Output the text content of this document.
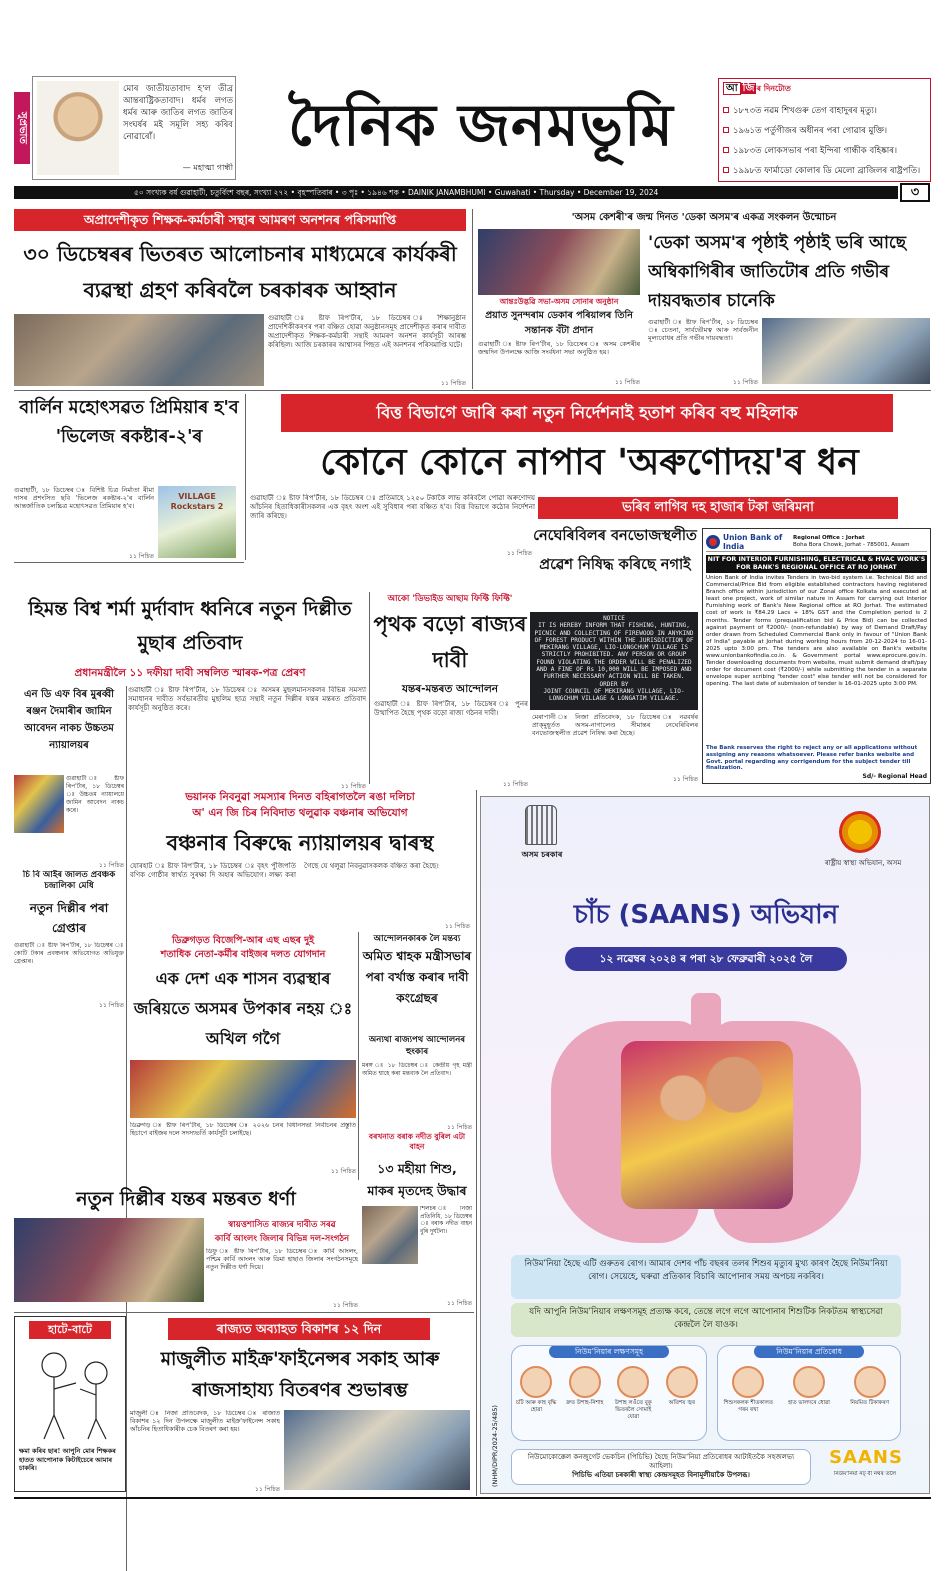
সুপ্ৰভাত
মোৰ জাতীয়তাবাদ হ'ল তীব্ৰ আন্তৰাষ্ট্ৰিকতাবাদ। ধৰ্মৰ লগত ধৰ্মৰ আৰু জাতিৰ লগত জাতিৰ সংঘৰ্ষৰ মই সমূলি সহ্য কৰিব নোৱাৰোঁ।
— মহাত্মা গান্ধী
দৈনিক জনমভূমি
আ জি ৰ দিনটোত
১৮৭৩ত নৱম শিখগুৰু তেগ বাহাদুৰৰ মৃত্যু।
১৯৬১ত পৰ্তুগীজৰ অধীনৰ পৰা গোৱাৰ মুক্তি।
১৯৮৩ত লোকসভাৰ পৰা ইন্দিৰা গান্ধীক বহিষ্কাৰ।
১৯৯৮ত ফাৰ্মাডো কোলাৰ ডি মেলো ব্ৰাজিলৰ ৰাষ্ট্ৰপতি।
৫০ সংখ্যক বৰ্ষ গুৱাহাটী, চতুৰ্বিংশ বছৰ, সংখ্যা ২৭২ • বৃহস্পতিবাৰ • ৩ পৃঃ • ১৯৪৬ শক • DAINIK JANAMBHUMI • Guwahati • Thursday • December 19, 2024	৩
অপ্ৰাদেশীকৃত শিক্ষক-কৰ্মচাৰী সন্থাৰ আমৰণ অনশনৰ পৰিসমাপ্তি
৩০ ডিচেম্বৰৰ ভিতৰত আলোচনাৰ মাধ্যমেৰে কাৰ্যকৰী ব্যৱস্থা গ্ৰহণ কৰিবলৈ চৰকাৰক আহ্বান
গুৱাহাটী ঃ ষ্টাফ ৰিপ'ৰ্টাৰ, ১৮ ডিচেম্বৰ ঃ শিক্ষানুষ্ঠান প্ৰাদেশিকীকৰণৰ পৰা বঞ্চিত হোৱা অনুষ্ঠানসমূহ প্ৰাদেশীকৃত কৰাৰ দাবীত অপ্ৰাদেশীকৃত শিক্ষক-কৰ্মচাৰী সন্থাই আমৰণ অনশন কাৰ্যসূচী আৰম্ভ কৰিছিল। আজি চৰকাৰৰ আশ্বাসৰ পিছত এই অনশনৰ পৰিসমাপ্তি ঘটে।
১১ পিচিত
'অসম কেশৰী'ৰ জন্ম দিনত 'ডেকা অসম'ৰ একত্ৰ সংকলন উন্মোচন
আন্তঃউদ্ভৱি সভা-অসম সোনাৰ অনুষ্ঠান
প্ৰয়াত সুনন্দৰাম ডেকাৰ পৰিয়ালৰ তিনি সন্তানক বঁটা প্ৰদান
গুৱাহাটী ঃ ষ্টাফ ৰিপ'ৰ্টাৰ, ১৮ ডিচেম্বৰ ঃ অসম কেশৰীৰ জন্মদিন উপলক্ষে আজি সংৰ্বধনা সভা অনুষ্ঠিত হয়।
১১ পিচিত
'ডেকা অসম'ৰ পৃষ্ঠাই পৃষ্ঠাই ভৰি আছে অম্বিকাগিৰীৰ জাতিটোৰ প্ৰতি গভীৰ দায়বদ্ধতাৰ চানেকি
গুৱাহাটী ঃ ষ্টাফ ৰিপ'ৰ্টাৰ, ১৮ ডিচেম্বৰ ঃ চেতনা, সাৰ্বভৌমত্ব আৰু সাৰ্বজনীন মূল্যবোধৰ প্ৰতি গভীৰ দায়বদ্ধতা।
১১ পিচিত
বাৰ্লিন মহোৎসৱত প্ৰিমিয়াৰ হ'ব 'ভিলেজ ৰকষ্টাৰ-২'ৰ
গুৱাহাটী, ১৮ ডিচেম্বৰ ঃ বিশিষ্ট চিত্ৰ নিৰ্মাতা ৰীমা দাসৰ প্ৰশংসিত ছবি 'ভিলেজ ৰকষ্টাৰ-২'ৰ বাৰ্লিন আন্তৰ্জাতিক চলচ্চিত্ৰ মহোৎসৱত প্ৰিমিয়াৰ হ'ব।
১১ পিচিত
VILLAGE Rockstars 2
বিত্ত বিভাগে জাৰি কৰা নতুন নিৰ্দেশনাই হতাশ কৰিব বহু মহিলাক
কোনে কোনে নাপাব 'অৰুণোদয়'ৰ ধন
গুৱাহাটী ঃ ষ্টাফ ৰিপ'ৰ্টাৰ, ১৮ ডিচেম্বৰ ঃ প্ৰতিমাহে ১২৫০ টকাকৈ লাভ কৰিবলৈ পোৱা অৰুণোদয় আঁচনিৰ হিতাধিকাৰীসকলৰ এক বৃহৎ অংশ এই সুবিধাৰ পৰা বঞ্চিত হ'ব। বিত্ত বিভাগে কঠোৰ নিৰ্দেশনা জাৰি কৰিছে।
১১ পিচিত
ভৰিব লাগিব দহ হাজাৰ টকা জৰিমনা
নেঘেৰিবিলৰ বনভোজস্থলীত প্ৰৱেশ নিষিদ্ধ কৰিছে নগাই
NOTICE
IT IS HEREBY INFORM THAT FISHING, HUNTING, PICNIC AND COLLECTING OF FIREWOOD IN ANYKIND OF FOREST PRODUCT WITHIN THE JURISDICTION OF MEKIRANG VILLAGE, LIO-LONGCHUM VILLAGE IS STRICTLY PROHIBITED. ANY PERSON OR GROUP FOUND VIOLATING THE ORDER WILL BE PENALIZED AND A FINE OF Rs 10,000 WILL BE IMPOSED AND FURTHER NECESSARY ACTION WILL BE TAKEN.
ORDER BY
JOINT COUNCIL OF MEKIRANG VILLAGE, LIO-LONGCHUM VILLAGE & LONGATIM VILLAGE.
মেৰাপানী ঃ নিজা প্ৰতিবেদক, ১৮ ডিচেম্বৰ ঃ নৱবৰ্ষৰ প্ৰাক্‌মুহূৰ্তত অসম-নাগালেণ্ড সীমান্তৰ নেঘেৰিবিলৰ বনভোজস্থলীত প্ৰৱেশ নিষিদ্ধ কৰা হৈছে।
১১ পিচিত
Union Bank of India
Regional Office : Jorhat
Boha Bora Chowk, Jorhat - 785001, Assam
NIT FOR INTERIOR FURNISHING, ELECTRICAL & HVAC WORK'S FOR BANK'S REGIONAL OFFICE AT RO JORHAT
Union Bank of India invites Tenders in two-bid system i.e. Technical Bid and Commercial/Price Bid from eligible established contractors having registered Branch office within jurisdiction of our Zonal office Kolkata and executed at least one project, work of similar nature in Assam for carrying out Interior Furnishing work of Bank's New Regional office at RO Jorhat. The estimated cost of work is ₹84.29 Lacs + 18% GST and the Completion period is 2 months. Tender forms (prequalification bid & Price Bid) can be collected against payment of ₹2000/- (non-refundable) by way of Demand Draft/Pay order drawn from Scheduled Commercial Bank only in favour of "Union Bank of India" payable at Jorhat during working hours from 20-12-2024 to 16-01-2025 upto 3:00 pm. The tenders are also available on Bank's website www.unionbankofindia.co.in. & Government portal www.eprocure.gov.in. Tender downloading documents from website, must submit demand draft/pay order for document cost (₹2000/-) while submitting the tender in a separate envelope super scribing "tender cost" else tender will not be considered for opening. The last date of submission of tender is 16-01-2025 upto 3:00 PM.
The Bank reserves the right to reject any or all applications without assigning any reasons whatsoever. Please refer banks website and Govt. portal regarding any corrigendum for the subject tender till finalization.
Sd/- Regional Head
হিমন্ত বিশ্ব শৰ্মা মুৰ্দাবাদ ধ্বনিৰে নতুন দিল্লীত মুছাৰ প্ৰতিবাদ
প্ৰধানমন্ত্ৰীলৈ ১১ দফীয়া দাবী সম্বলিত স্মাৰক-পত্ৰ প্ৰেৰণ
গুৱাহাটী ঃ ষ্টাফ ৰিপ'ৰ্টাৰ, ১৮ ডিচেম্বৰ ঃ অসমৰ মুছলমানসকলৰ বিভিন্ন সমস্যা সমাধানৰ দাবীত সৰ্বভাৰতীয় মুছলিম ছাত্ৰ সন্থাই নতুন দিল্লীৰ যন্তৰ মন্তৰত প্ৰতিবাদ কাৰ্যসূচী অনুষ্ঠিত কৰে।
১১ পিচিত
আকো 'ডিভাইড আছাম ফিফ্টি ফিফ্টি'
পৃথক বড়ো ৰাজ্যৰ দাবী
যন্তৰ-মন্তৰত আন্দোলন
গুৱাহাটী ঃ ষ্টাফ ৰিপ'ৰ্টাৰ, ১৮ ডিচেম্বৰ ঃ পুনৰ উত্থাপিত হৈছে পৃথক বড়ো ৰাজ্য গঠনৰ দাবী।
১১ পিচিত
এন ডি এফ বিৰ মুৰব্বী ৰঞ্জন দৈমাৰীৰ জামিন আবেদন নাকচ উচ্চতম ন্যায়ালয়ৰ
গুৱাহাটী ঃ ষ্টাফ ৰিপ'ৰ্টাৰ, ১৮ ডিচেম্বৰ ঃ উচ্চতম ন্যায়ালয়ে জামিন আবেদন নাকচ কৰে।
১১ পিচিত
চি বি আইৰ জালত প্ৰবঞ্চক চন্দ্ৰালিকা মেধি
নতুন দিল্লীৰ পৰা গ্ৰেপ্তাৰ
গুৱাহাটী ঃ ষ্টাফ ৰিপ'ৰ্টাৰ, ১৮ ডিচেম্বৰ ঃ কোটি টকাৰ প্ৰবঞ্চনাৰ অভিযোগত অভিযুক্ত গ্ৰেপ্তাৰ।
১১ পিচিত
ভয়ানক নিবনুৱা সমস্যাৰ দিনত বহিৰাগতলৈ ৰঙা দলিচা
অ' এন জি চিৰ নিবিদাত থলুৱাক বঞ্চনাৰ অভিযোগ
বঞ্চনাৰ বিৰুদ্ধে ন্যায়ালয়ৰ দ্বাৰস্থ
যোৰহাট ঃ ষ্টাফ ৰিপ'ৰ্টাৰ, ১৮ ডিচেম্বৰ ঃ বৃহৎ পুঁজিপতি বণিক গোষ্ঠীৰ স্বাৰ্থত সুৰক্ষা দি অহাৰ অভিযোগ। লক্ষ্য কৰা গৈছে যে থলুৱা নিবনুৱাসকলক বঞ্চিত কৰা হৈছে।
১১ পিচিত
ডিব্ৰুগড়ত বিজেপি-আৰ এছ এছৰ দুই
শতাধিক নেতা-কৰ্মীৰ বাইজৰ দলত যোগদান
এক দেশ এক শাসন ব্যৱস্থাৰ জৰিয়তে অসমৰ উপকাৰ নহয় ঃ অখিল গগৈ
ডিব্ৰুগড় ঃ ষ্টাফ ৰিপ'ৰ্টাৰ, ১৮ ডিচেম্বৰ ঃ ২০২৬ চনৰ বিধানসভা নিৰ্বাচনৰ প্ৰস্তুতি হিচাপে বাইজৰ দলে সদস্যভৰ্তি কাৰ্যসূচী চলাইছে।
১১ পিচিত
আন্দোলনকাৰক লৈ মন্তব্য
অমিত শ্বাহক মন্ত্ৰীসভাৰ পৰা বৰ্খাস্ত কৰাৰ দাবী কংগ্ৰেছৰ
অন্যথা ৰাজ্যপথ আন্দোলনৰ হুংকাৰ
মৰঙ্গ ঃ ১৮ ডিচেম্বৰ ঃ কেন্দ্ৰীয় গৃহ মন্ত্ৰী অমিত শ্বাহে কৰা মন্তব্যক লৈ প্ৰতিবাদ।
১১ পিচিত
বৰখনাত বৰাক নদীত বুৰিল এটা বাহন
১৩ মহীয়া শিশু, মাকৰ মৃতদেহ উদ্ধাৰ
শিলচৰ ঃ নিজা প্ৰতিনিধি, ১৮ ডিচেম্বৰ ঃ বৰাক নদীত বাহন বুৰি দুৰ্ঘটনা।
১১ পিচিত
নতুন দিল্লীৰ যন্তৰ মন্তৰত ধৰ্ণা
স্বায়ত্তশাসিত ৰাজ্যৰ দাবীত সৰৱ
কাৰ্বি আংলং জিলাৰ বিভিন্ন দল-সংগঠন
ডিফু ঃ ষ্টাফ ৰিপ'ৰ্টাৰ, ১৮ ডিচেম্বৰ ঃ কাৰ্বি আংলং, পশ্চিম কাৰ্বি আংলং আৰু ডিমা হাছাও জিলাৰ সংগঠনসমূহে নতুন দিল্লীত ধৰ্ণা দিয়ে।
১১ পিচিত
হাটে-বাটে
ক্ষমা কৰিব ছাৰ! আপুনি মোৰ শিক্ষকৰ হাতত আপোনাক কিটাইচেৰে আমাৰ চাকৰি।
ৰাজ্যত অব্যাহত বিকাশৰ ১২ দিন
মাজুলীত মাইক্ৰ'ফাইনেন্সৰ সকাহ আৰু ৰাজসাহায্য বিতৰণৰ শুভাৰম্ভ
মাজুলী ঃ নিজা প্ৰতিবেদক, ১৮ ডিচেম্বৰ ঃ ৰাজ্যত বিকাশৰ ১২ দিন উপলক্ষে মাজুলীত মাইক্ৰ'ফাইনেন্স সকাহ আঁচনিৰ হিতাধিকাৰীক চেক বিতৰণ কৰা হয়।
১১ পিচিত
অসম চৰকাৰ
ৰাষ্ট্ৰীয় স্বাস্থ্য অভিযান, অসম
চাঁচ (SAANS) অভিযান
১২ নৱেম্বৰ ২০২৪ ৰ পৰা ২৮ ফেব্ৰুৱাৰী ২০২৫ লৈ
নিউমʼনিয়া হৈছে এটি গুৰুতৰ ৰোগ। আমাৰ দেশৰ পাঁচ বছৰৰ তলৰ শিশুৰ মৃত্যুৰ মুখ্য কাৰণ হৈছে নিউমʼনিয়া ৰোগ। সেয়েহে, ঘৰুৱা প্ৰতিকাৰ বিচাৰি আপোনাৰ সময় অপচয় নকৰিব।
যদি আপুনি নিউমʼনিয়াৰ লক্ষণসমূহ প্ৰত্যক্ষ কৰে, তেন্তে লগে লগে আপোনাৰ শিশুটিক নিকটতম স্বাস্থ্যসেৱা কেন্দ্ৰলৈ লৈ যাওক।
নিউমʼনিয়াৰ লক্ষণসমূহ
চটি আৰু কাহ বৃদ্ধি হোৱা
দ্ৰুত উশাহ-নিশাহ	উশাহ লওঁতে বুকু ভিতৰলৈ সোমাই যোৱা
অতিশয় জ্বৰ
নিউমʼনিয়াৰ প্ৰতিৰোধ
শিশুসকলক শীতকালত গৰম ৰখা
হাত ভালদৰে ধোৱা	নিয়মিত টিকাকৰণ
নিউমোকোক্কেল কনজুগেট ভেকচিন (পিচিভি) হৈছে নিউমʼনিয়া প্ৰতিৰোধৰ আটাইতকৈ সহজলভ্য আহিলা।
পিচিভি এতিয়া চৰকাৰী স্বাস্থ্য কেন্দ্ৰসমূহত বিনামূলীয়াকৈ উপলব্ধ।
(NHM/DIPR/2024-25/485)	SAANS
নিউমʼনিয়া নট্ বী নথৰ তলৈ
